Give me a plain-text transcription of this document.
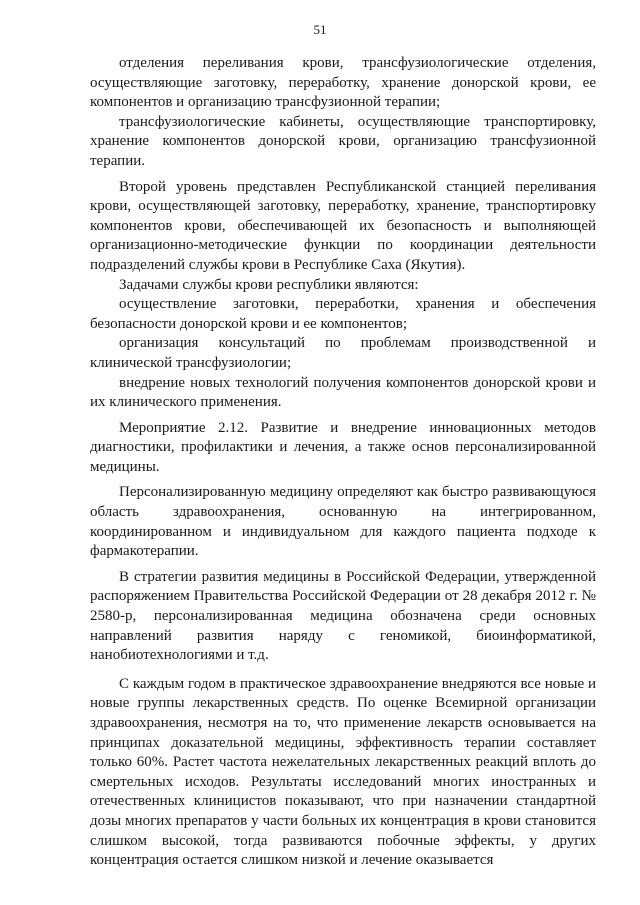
51

отделения переливания крови, трансфузиологические отделения, осуществляющие заготовку, переработку, хранение донорской крови, ее компонентов и организацию трансфузионной терапии;

трансфузиологические кабинеты, осуществляющие транспортировку, хранение компонентов донорской крови, организацию трансфузионной терапии.

Второй уровень представлен Республиканской станцией переливания крови, осуществляющей заготовку, переработку, хранение, транспортировку компонентов крови, обеспечивающей их безопасность и выполняющей организационно-методические функции по координации деятельности подразделений службы крови в Республике Саха (Якутия).

Задачами службы крови республики являются:

осуществление заготовки, переработки, хранения и обеспечения безопасности донорской крови и ее компонентов;

организация консультаций по проблемам производственной и клинической трансфузиологии;

внедрение новых технологий получения компонентов донорской крови и их клинического применения.

Мероприятие 2.12. Развитие и внедрение инновационных методов диагностики, профилактики и лечения, а также основ персонализированной медицины.

Персонализированную медицину определяют как быстро развивающуюся область здравоохранения, основанную на интегрированном, координированном и индивидуальном для каждого пациента подходе к фармакотерапии.

В стратегии развития медицины в Российской Федерации, утвержденной распоряжением Правительства Российской Федерации от 28 декабря 2012 г. № 2580-р, персонализированная медицина обозначена среди основных направлений развития наряду с геномикой, биоинформатикой, нанобиотехнологиями и т.д.

С каждым годом в практическое здравоохранение внедряются все новые и новые группы лекарственных средств. По оценке Всемирной организации здравоохранения, несмотря на то, что применение лекарств основывается на принципах доказательной медицины, эффективность терапии составляет только 60%. Растет частота нежелательных лекарственных реакций вплоть до смертельных исходов. Результаты исследований многих иностранных и отечественных клиницистов показывают, что при назначении стандартной дозы многих препаратов у части больных их концентрация в крови становится слишком высокой, тогда развиваются побочные эффекты, у других концентрация остается слишком низкой и лечение оказывается
